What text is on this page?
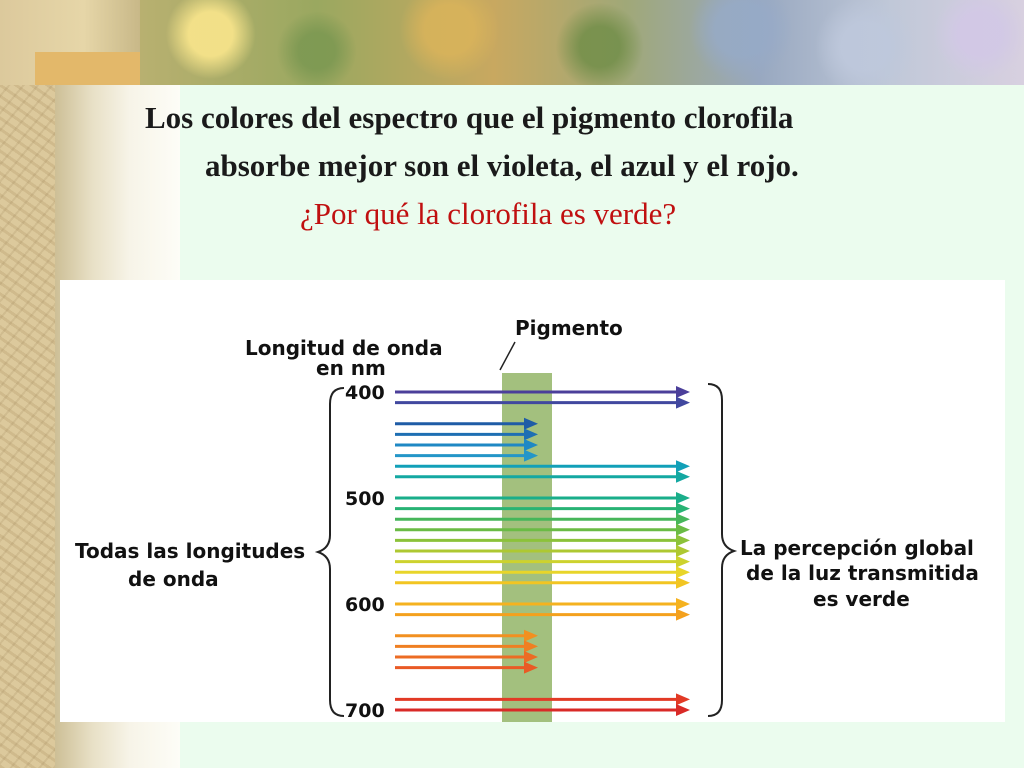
Los colores del espectro que el pigmento clorofila
absorbe mejor son el violeta, el azul y el rojo.

¿Por qué la clorofila es verde?

Longitud de onda
en nm
Pigmento
Todas las longitudes
de onda
La percepción global
de la luz transmitida
es verde
400
500
600
700
